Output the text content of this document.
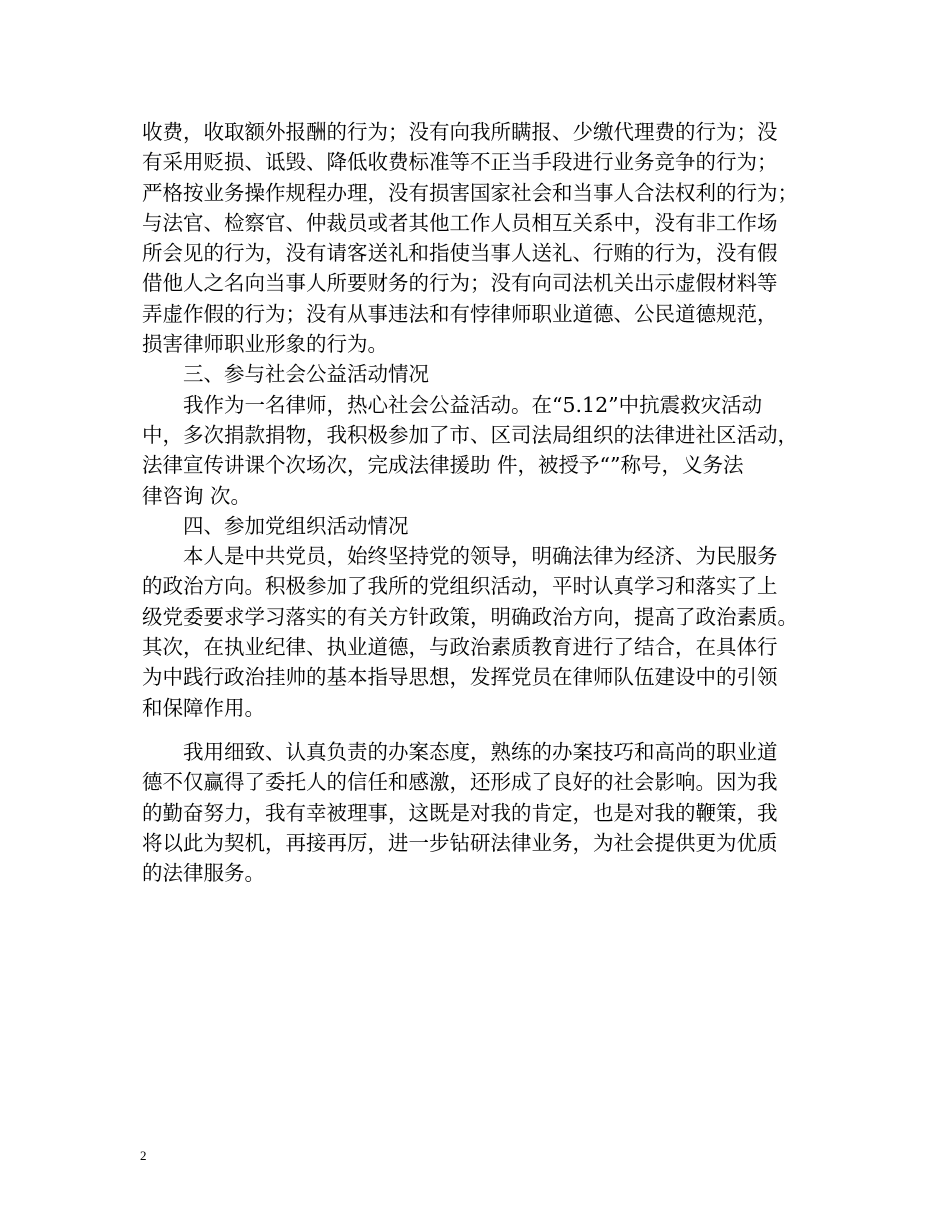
收费，收取额外报酬的行为；没有向我所瞒报、少缴代理费的行为；没
有采用贬损、诋毁、降低收费标准等不正当手段进行业务竞争的行为；
严格按业务操作规程办理，没有损害国家社会和当事人合法权利的行为；
与法官、检察官、仲裁员或者其他工作人员相互关系中，没有非工作场
所会见的行为，没有请客送礼和指使当事人送礼、行贿的行为，没有假
借他人之名向当事人所要财务的行为；没有向司法机关出示虚假材料等
弄虚作假的行为；没有从事违法和有悖律师职业道德、公民道德规范，
损害律师职业形象的行为。
三、参与社会公益活动情况
我作为一名律师，热心社会公益活动。在“5.12”中抗震救灾活动
中，多次捐款捐物，我积极参加了市、区司法局组织的法律进社区活动，
法律宣传讲课个次场次，完成法律援助 件，被授予“”称号，义务法
律咨询 次。
四、参加党组织活动情况
本人是中共党员，始终坚持党的领导，明确法律为经济、为民服务
的政治方向。积极参加了我所的党组织活动，平时认真学习和落实了上
级党委要求学习落实的有关方针政策，明确政治方向，提高了政治素质。
其次，在执业纪律、执业道德，与政治素质教育进行了结合，在具体行
为中践行政治挂帅的基本指导思想，发挥党员在律师队伍建设中的引领
和保障作用。
我用细致、认真负责的办案态度，熟练的办案技巧和高尚的职业道
德不仅赢得了委托人的信任和感激，还形成了良好的社会影响。因为我
的勤奋努力，我有幸被理事，这既是对我的肯定，也是对我的鞭策，我
将以此为契机，再接再厉，进一步钻研法律业务，为社会提供更为优质
的法律服务。
2
